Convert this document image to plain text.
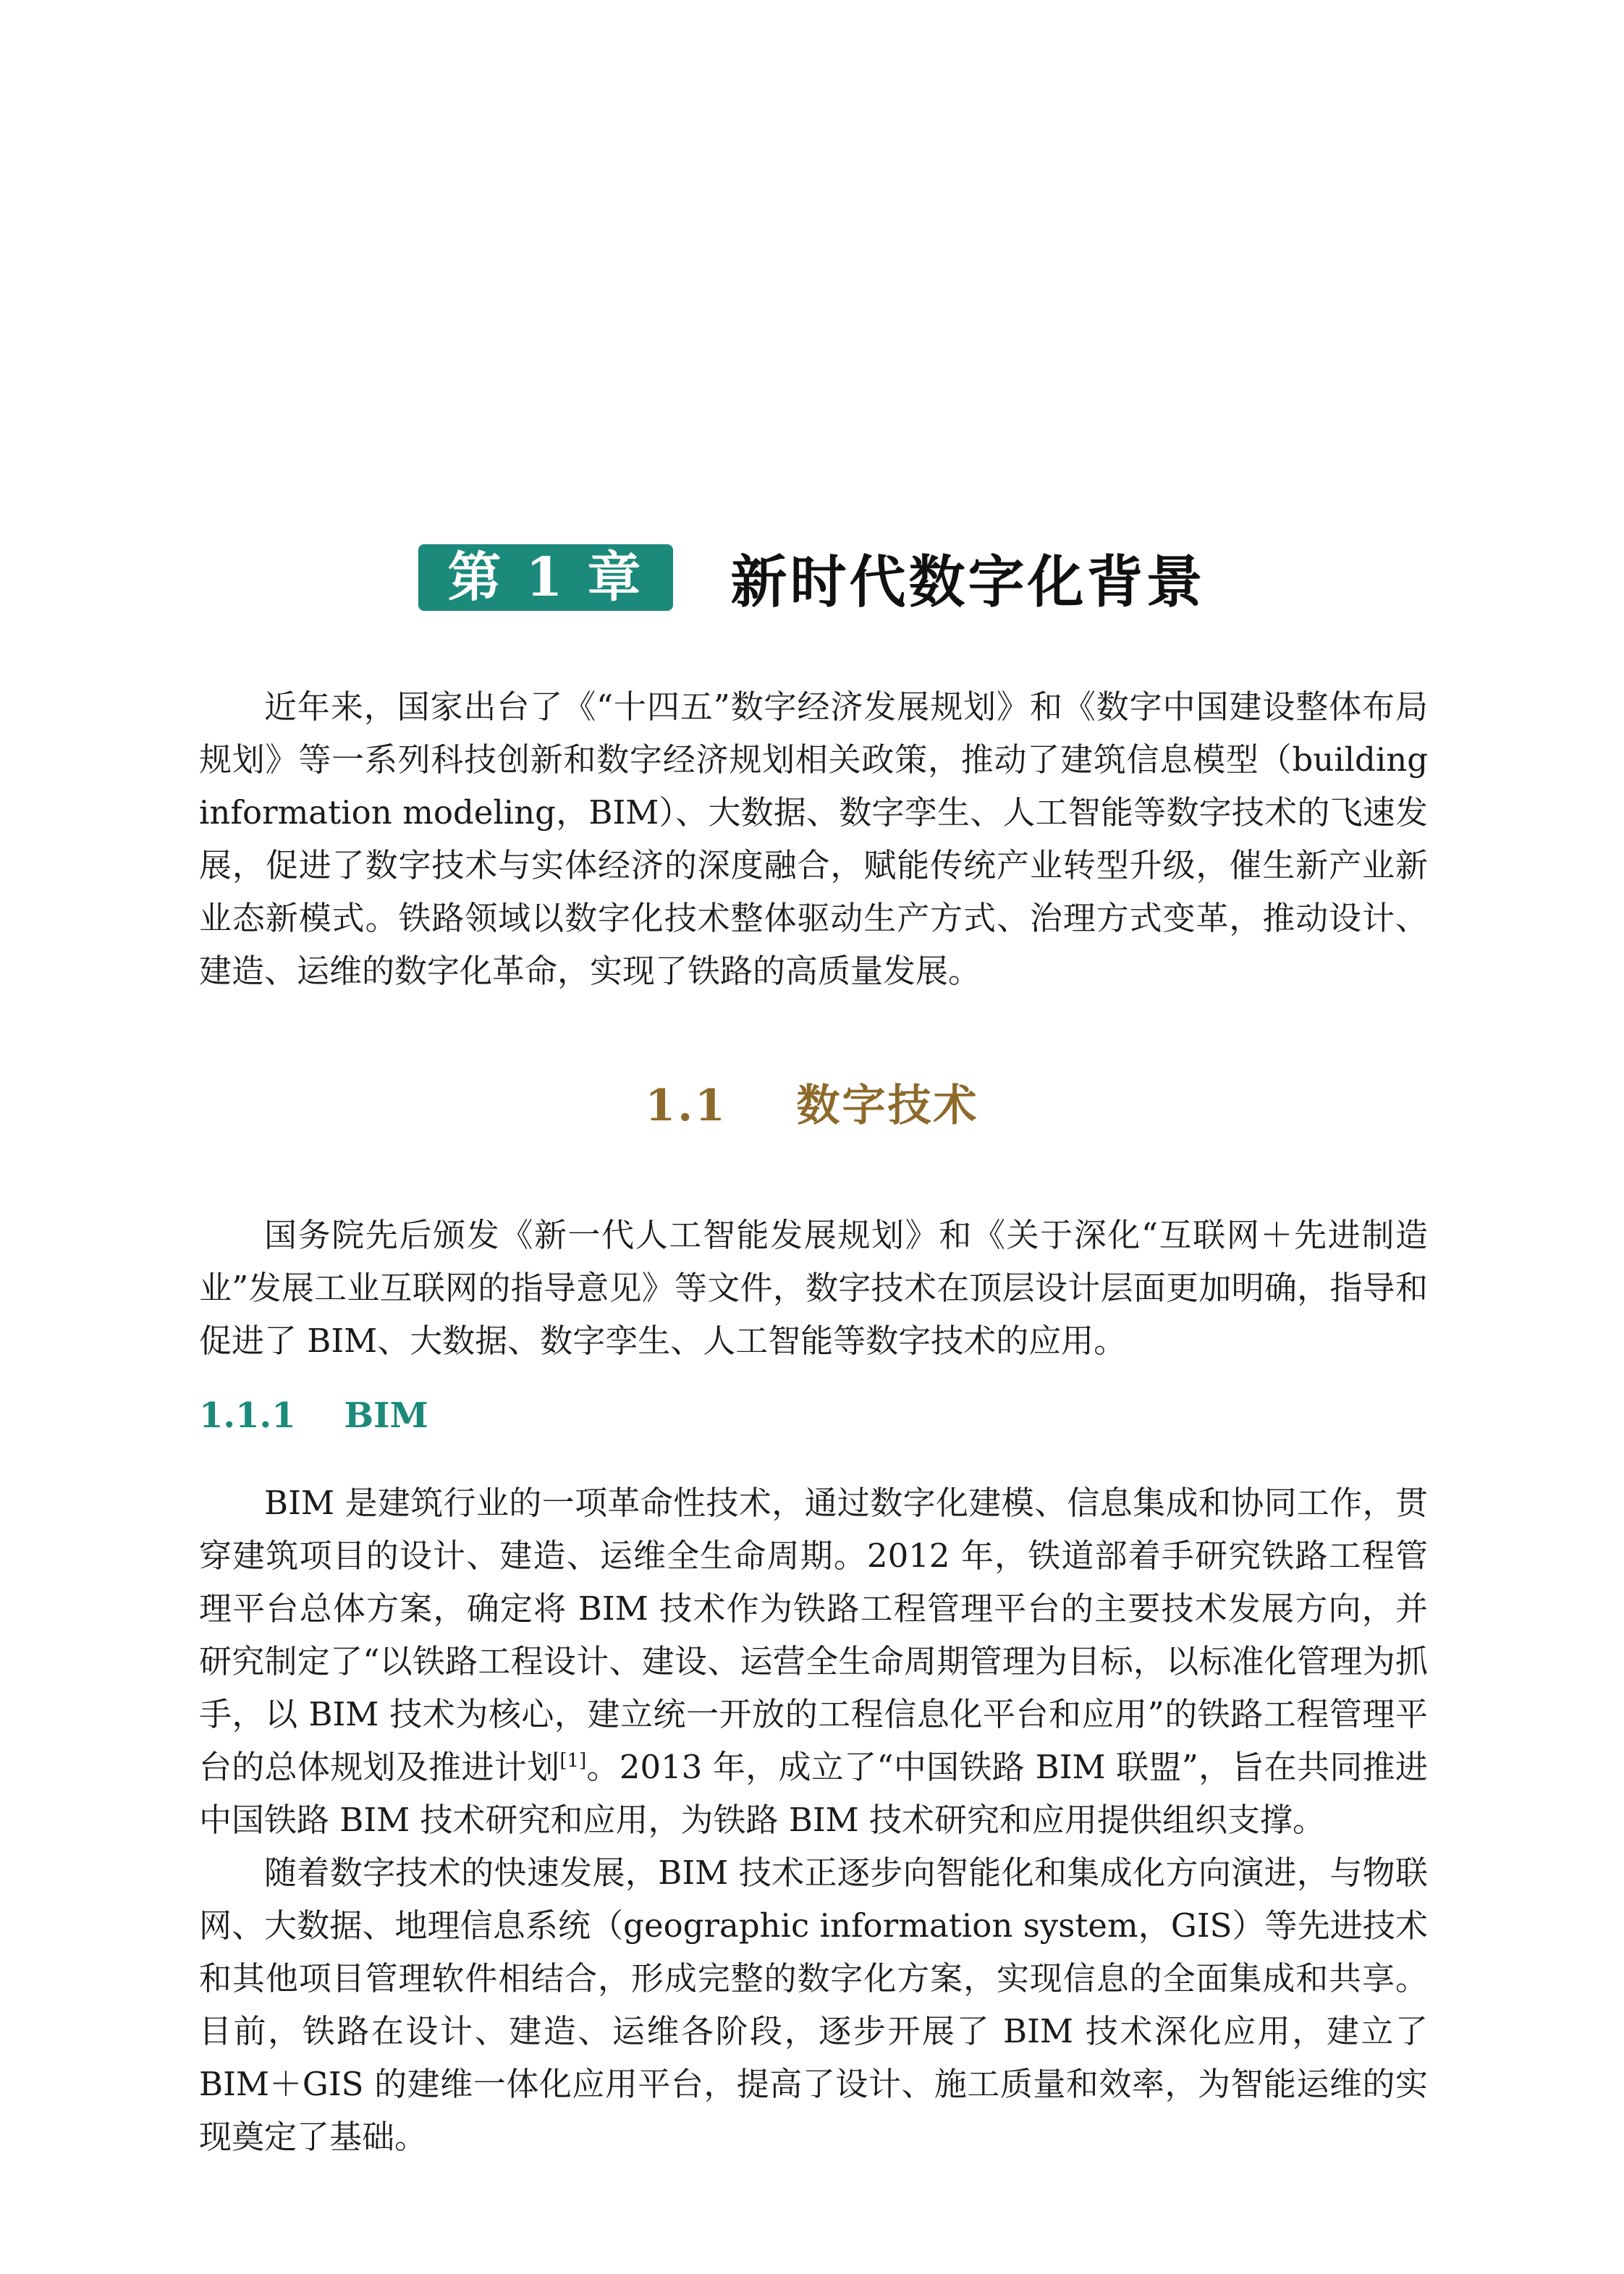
第 1 章	新时代数字化背景

近年来，国家出台了《“十四五”数字经济发展规划》和《数字中国建设整体布局规划》等一系列科技创新和数字经济规划相关政策，推动了建筑信息模型（building information modeling，BIM）、大数据、数字孪生、人工智能等数字技术的飞速发展，促进了数字技术与实体经济的深度融合，赋能传统产业转型升级，催生新产业新业态新模式。铁路领域以数字化技术整体驱动生产方式、治理方式变革，推动设计、建造、运维的数字化革命，实现了铁路的高质量发展。

1.1 数字技术

国务院先后颁发《新一代人工智能发展规划》和《关于深化“互联网＋先进制造业”发展工业互联网的指导意见》等文件，数字技术在顶层设计层面更加明确，指导和促进了 BIM、大数据、数字孪生、人工智能等数字技术的应用。

1.1.1 BIM

BIM 是建筑行业的一项革命性技术，通过数字化建模、信息集成和协同工作，贯穿建筑项目的设计、建造、运维全生命周期。2012 年，铁道部着手研究铁路工程管理平台总体方案，确定将 BIM 技术作为铁路工程管理平台的主要技术发展方向，并研究制定了“以铁路工程设计、建设、运营全生命周期管理为目标，以标准化管理为抓手，以 BIM 技术为核心，建立统一开放的工程信息化平台和应用”的铁路工程管理平台的总体规划及推进计划[1]。2013 年，成立了“中国铁路 BIM 联盟”，旨在共同推进中国铁路 BIM 技术研究和应用，为铁路 BIM 技术研究和应用提供组织支撑。

随着数字技术的快速发展，BIM 技术正逐步向智能化和集成化方向演进，与物联网、大数据、地理信息系统（geographic information system，GIS）等先进技术和其他项目管理软件相结合，形成完整的数字化方案，实现信息的全面集成和共享。目前，铁路在设计、建造、运维各阶段，逐步开展了 BIM 技术深化应用，建立了 BIM＋GIS 的建维一体化应用平台，提高了设计、施工质量和效率，为智能运维的实现奠定了基础。
